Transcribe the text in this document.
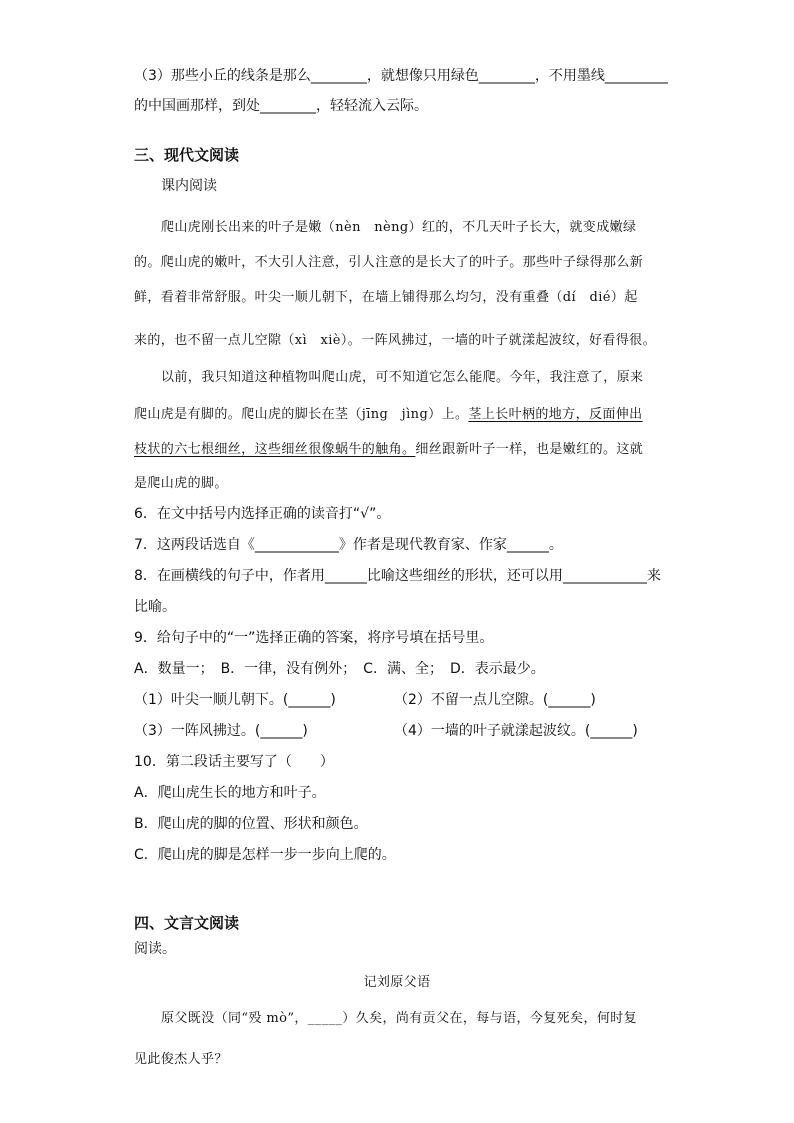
（3）那些小丘的线条是那么________，就想像只用绿色________，不用墨线_________
的中国画那样，到处________，轻轻流入云际。
三、现代文阅读
课内阅读
爬山虎刚长出来的叶子是嫩（nèn　nèng）红的，不几天叶子长大，就变成嫩绿
的。爬山虎的嫩叶，不大引人注意，引人注意的是长大了的叶子。那些叶子绿得那么新
鲜，看着非常舒服。叶尖一顺儿朝下，在墙上铺得那么均匀，没有重叠（dí　dié）起
来的，也不留一点儿空隙（xì　xiè）。一阵风拂过，一墙的叶子就漾起波纹，好看得很。
以前，我只知道这种植物叫爬山虎，可不知道它怎么能爬。今年，我注意了，原来
爬山虎是有脚的。爬山虎的脚长在茎（jīng　jìng）上。茎上长叶柄的地方，反面伸出
枝状的六七根细丝，这些细丝很像蜗牛的触角。细丝跟新叶子一样，也是嫩红的。这就
是爬山虎的脚。
6．在文中括号内选择正确的读音打“√”。
7．这两段话选自《____________》作者是现代教育家、作家______。
8．在画横线的句子中，作者用______比喻这些细丝的形状，还可以用____________来
比喻。
9．给句子中的“一”选择正确的答案，将序号填在括号里。
A．数量一；　B．一律，没有例外；　C．满、全；　D．表示最少。
（1）叶尖一顺儿朝下。(______)	（2）不留一点儿空隙。(______)
（3）一阵风拂过。(______)	（4）一墙的叶子就漾起波纹。(______)
10．第二段话主要写了（　　）
A．爬山虎生长的地方和叶子。
B．爬山虎的脚的位置、形状和颜色。
C．爬山虎的脚是怎样一步一步向上爬的。
四、文言文阅读
阅读。
记刘原父语
原父既没（同“殁 mò”，_____）久矣，尚有贡父在，每与语，今复死矣，何时复
见此俊杰人乎？
